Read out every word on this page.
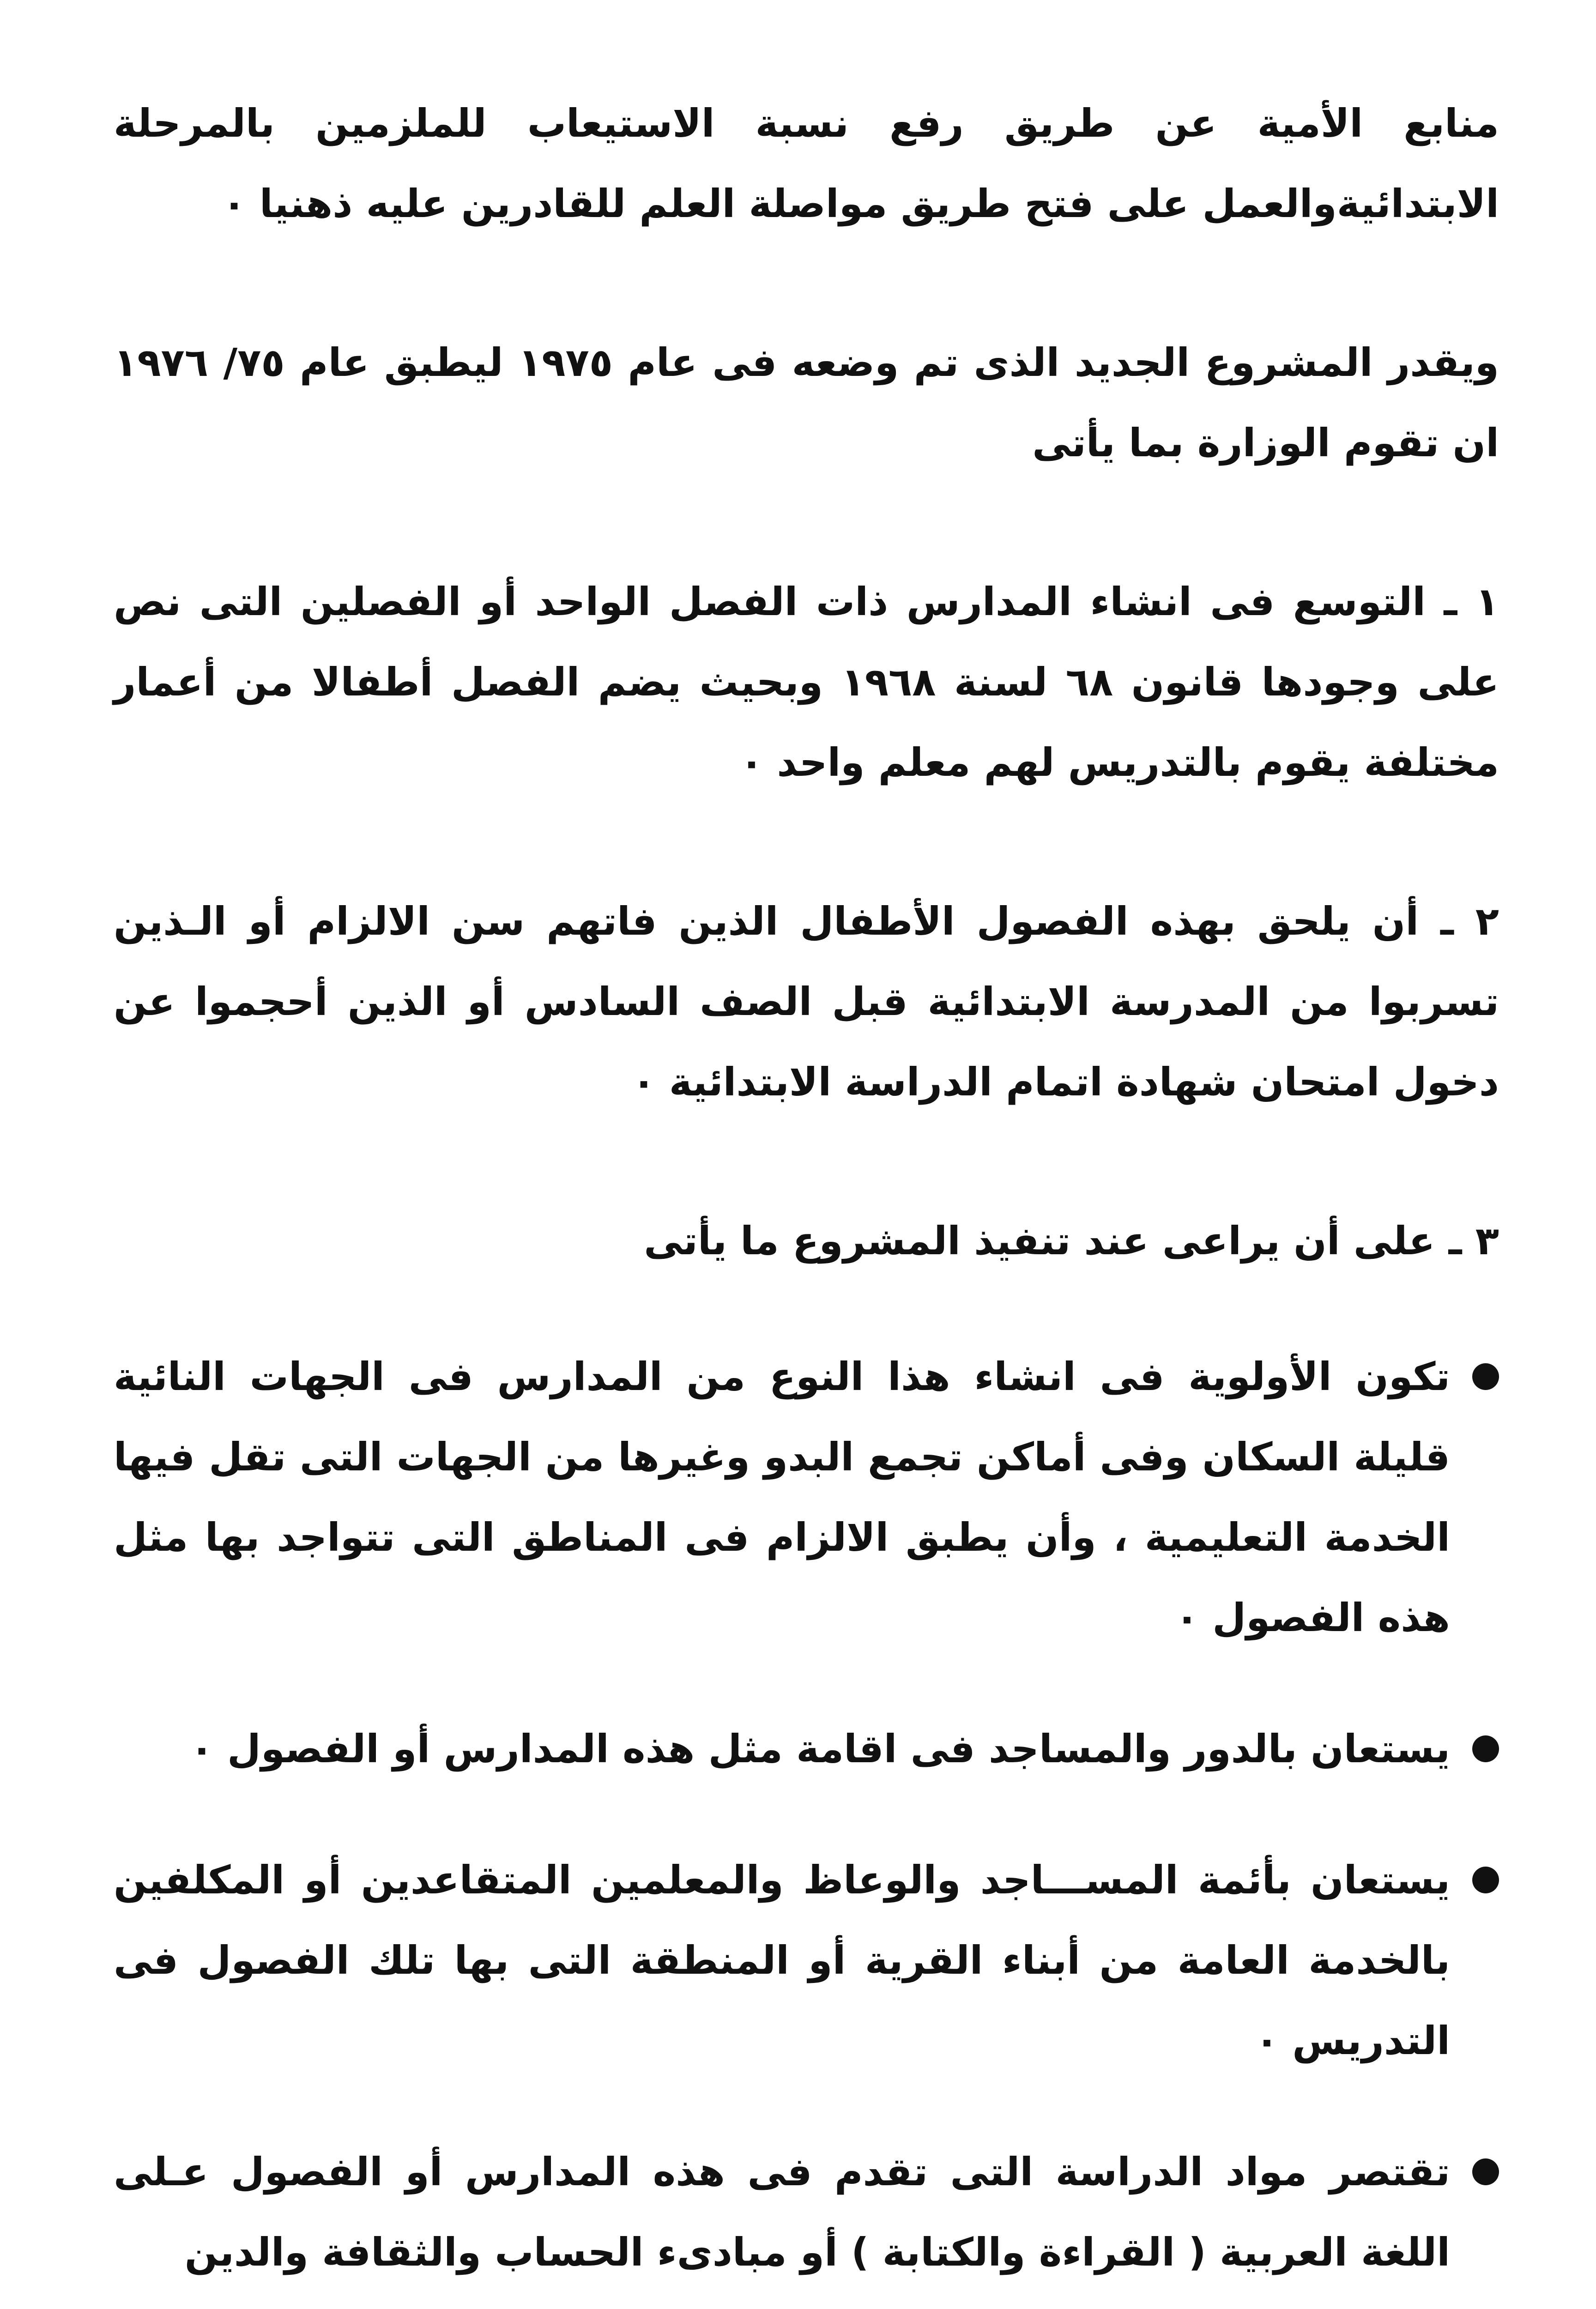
منابع الأمية عن طريق رفع نسبة الاستيعاب للملزمين بالمرحلة الابتدائيةوالعمل على فتح طريق مواصلة العلم للقادرين عليه ذهنيا ٠

ويقدر المشروع الجديد الذى تم وضعه فى عام ١٩٧٥ ليطبق عام ٧٥/ ١٩٧٦ ان تقوم الوزارة بما يأتى

١ ـ التوسع فى انشاء المدارس ذات الفصل الواحد أو الفصلين التى نص على وجودها قانون ٦٨ لسنة ١٩٦٨ وبحيث يضم الفصل أطفالا من أعمار مختلفة يقوم بالتدريس لهم معلم واحد ٠

٢ ـ أن يلحق بهذه الفصول الأطفال الذين فاتهم سن الالزام أو الـذين تسربوا من المدرسة الابتدائية قبل الصف السادس أو الذين أحجموا عن دخول امتحان شهادة اتمام الدراسة الابتدائية ٠

٣ ـ على أن يراعى عند تنفيذ المشروع ما يأتى

تكون الأولوية فى انشاء هذا النوع من المدارس فى الجهات النائية قليلة السكان وفى أماكن تجمع البدو وغيرها من الجهات التى تقل فيها الخدمة التعليمية ، وأن يطبق الالزام فى المناطق التى تتواجد بها مثل هذه الفصول ٠
يستعان بالدور والمساجد فى اقامة مثل هذه المدارس أو الفصول ٠
يستعان بأئمة المســـاجد والوعاظ والمعلمين المتقاعدين أو المكلفين بالخدمة العامة من أبناء القرية أو المنطقة التى بها تلك الفصول فى التدريس ٠
تقتصر مواد الدراسة التى تقدم فى هذه المدارس أو الفصول عـلى اللغة العربية ( القراءة والكتابة ) أو مبادىء الحساب والثقافة والدين
